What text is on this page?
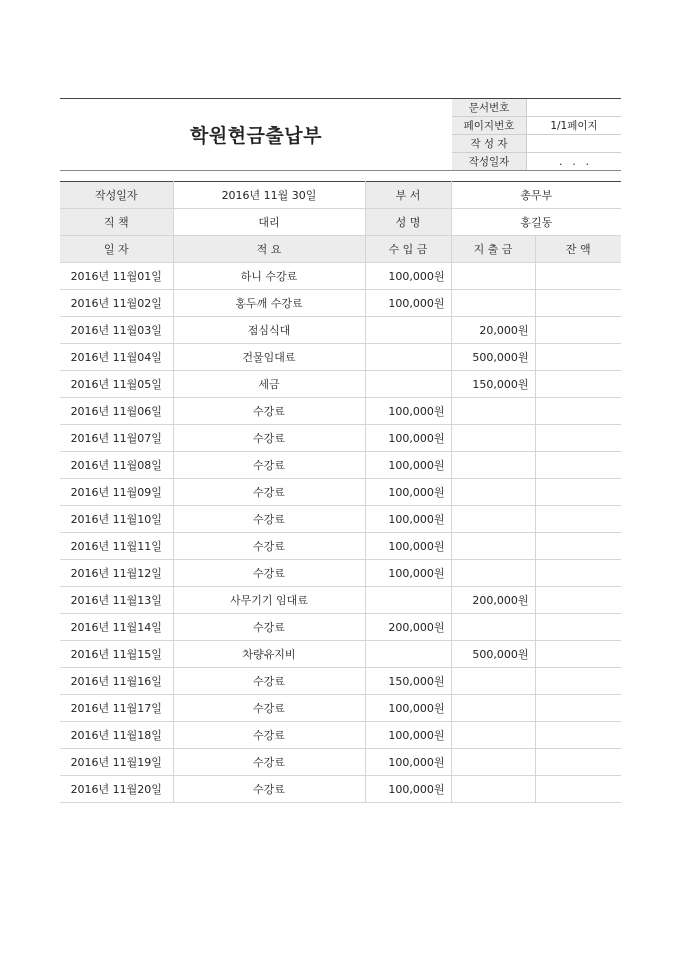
학원현금출납부
문서번호	
페이지번호	1/1페이지
작 성 자	
작성일자	.   .   .
작성일자	2016년 11월 30일	부 서	총무부	
직 책	대리	성 명	홍길동	
일 자	적 요	수 입 금	지 출 금	잔 액
2016년 11월01일	하니 수강료	100,000원		
2016년 11월02일	홍두깨 수강료	100,000원		
2016년 11월03일	점심식대		20,000원	
2016년 11월04일	건물임대료		500,000원	
2016년 11월05일	세금		150,000원	
2016년 11월06일	수강료	100,000원		
2016년 11월07일	수강료	100,000원		
2016년 11월08일	수강료	100,000원		
2016년 11월09일	수강료	100,000원		
2016년 11월10일	수강료	100,000원		
2016년 11월11일	수강료	100,000원		
2016년 11월12일	수강료	100,000원		
2016년 11월13일	사무기기 임대료		200,000원	
2016년 11월14일	수강료	200,000원		
2016년 11월15일	차량유지비		500,000원	
2016년 11월16일	수강료	150,000원		
2016년 11월17일	수강료	100,000원		
2016년 11월18일	수강료	100,000원		
2016년 11월19일	수강료	100,000원		
2016년 11월20일	수강료	100,000원		
